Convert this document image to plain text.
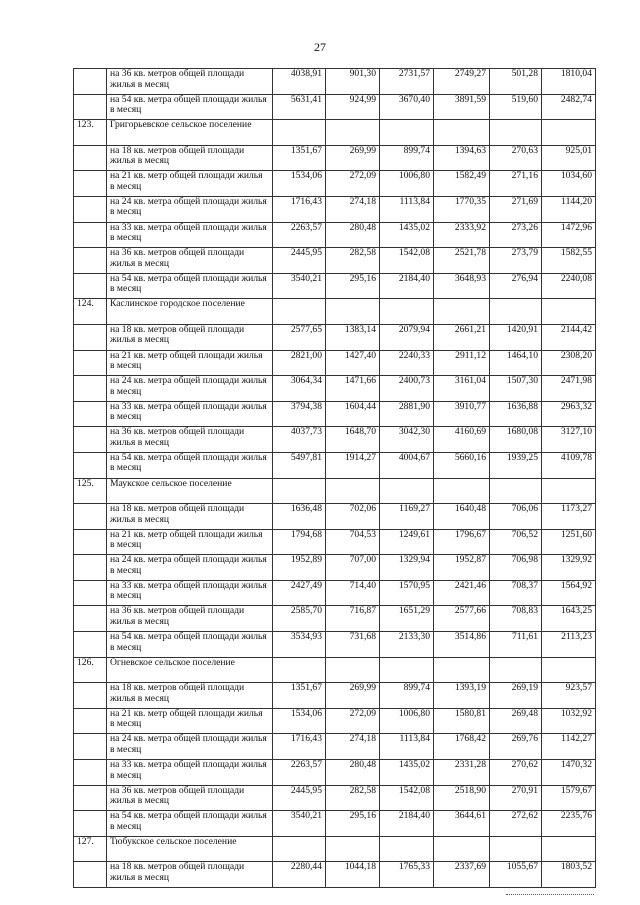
27
	на 36 кв. метров общей площади жилья в месяц	4038,91	901,30	2731,57	2749,27	501,28	1810,04
	на 54 кв. метра общей площади жилья в месяц	5631,41	924,99	3670,40	3891,59	519,60	2482,74
123.	Григорьевское сельское поселение						
	на 18 кв. метров общей площади жилья в месяц	1351,67	269,99	899,74	1394,63	270,63	925,01
	на 21 кв. метр общей площади жилья в месяц	1534,06	272,09	1006,80	1582,49	271,16	1034,60
	на 24 кв. метра общей площади жилья в месяц	1716,43	274,18	1113,84	1770,35	271,69	1144,20
	на 33 кв. метра общей площади жилья в месяц	2263,57	280,48	1435,02	2333,92	273,26	1472,96
	на 36 кв. метров общей площади жилья в месяц	2445,95	282,58	1542,08	2521,78	273,79	1582,55
	на 54 кв. метра общей площади жилья в месяц	3540,21	295,16	2184,40	3648,93	276,94	2240,08
124.	Каслинское городское поселение						
	на 18 кв. метров общей площади жилья в месяц	2577,65	1383,14	2079,94	2661,21	1420,91	2144,42
	на 21 кв. метр общей площади жилья в месяц	2821,00	1427,40	2240,33	2911,12	1464,10	2308,20
	на 24 кв. метра общей площади жилья в месяц	3064,34	1471,66	2400,73	3161,04	1507,30	2471,98
	на 33 кв. метра общей площади жилья в месяц	3794,38	1604,44	2881,90	3910,77	1636,88	2963,32
	на 36 кв. метров общей площади жилья в месяц	4037,73	1648,70	3042,30	4160,69	1680,08	3127,10
	на 54 кв. метра общей площади жилья в месяц	5497,81	1914,27	4004,67	5660,16	1939,25	4109,78
125.	Маукское сельское поселение						
	на 18 кв. метров общей площади жилья в месяц	1636,48	702,06	1169,27	1640,48	706,06	1173,27
	на 21 кв. метр общей площади жилья в месяц	1794,68	704,53	1249,61	1796,67	706,52	1251,60
	на 24 кв. метра общей площади жилья в месяц	1952,89	707,00	1329,94	1952,87	706,98	1329,92
	на 33 кв. метра общей площади жилья в месяц	2427,49	714,40	1570,95	2421,46	708,37	1564,92
	на 36 кв. метров общей площади жилья в месяц	2585,70	716,87	1651,29	2577,66	708,83	1643,25
	на 54 кв. метра общей площади жилья в месяц	3534,93	731,68	2133,30	3514,86	711,61	2113,23
126.	Огневское сельское поселение						
	на 18 кв. метров общей площади жилья в месяц	1351,67	269,99	899,74	1393,19	269,19	923,57
	на 21 кв. метр общей площади жилья в месяц	1534,06	272,09	1006,80	1580,81	269,48	1032,92
	на 24 кв. метра общей площади жилья в месяц	1716,43	274,18	1113,84	1768,42	269,76	1142,27
	на 33 кв. метра общей площади жилья в месяц	2263,57	280,48	1435,02	2331,28	270,62	1470,32
	на 36 кв. метров общей площади жилья в месяц	2445,95	282,58	1542,08	2518,90	270,91	1579,67
	на 54 кв. метра общей площади жилья в месяц	3540,21	295,16	2184,40	3644,61	272,62	2235,76
127.	Тюбукское сельское поселение						
	на 18 кв. метров общей площади жилья в месяц	2280,44	1044,18	1765,33	2337,69	1055,67	1803,52
